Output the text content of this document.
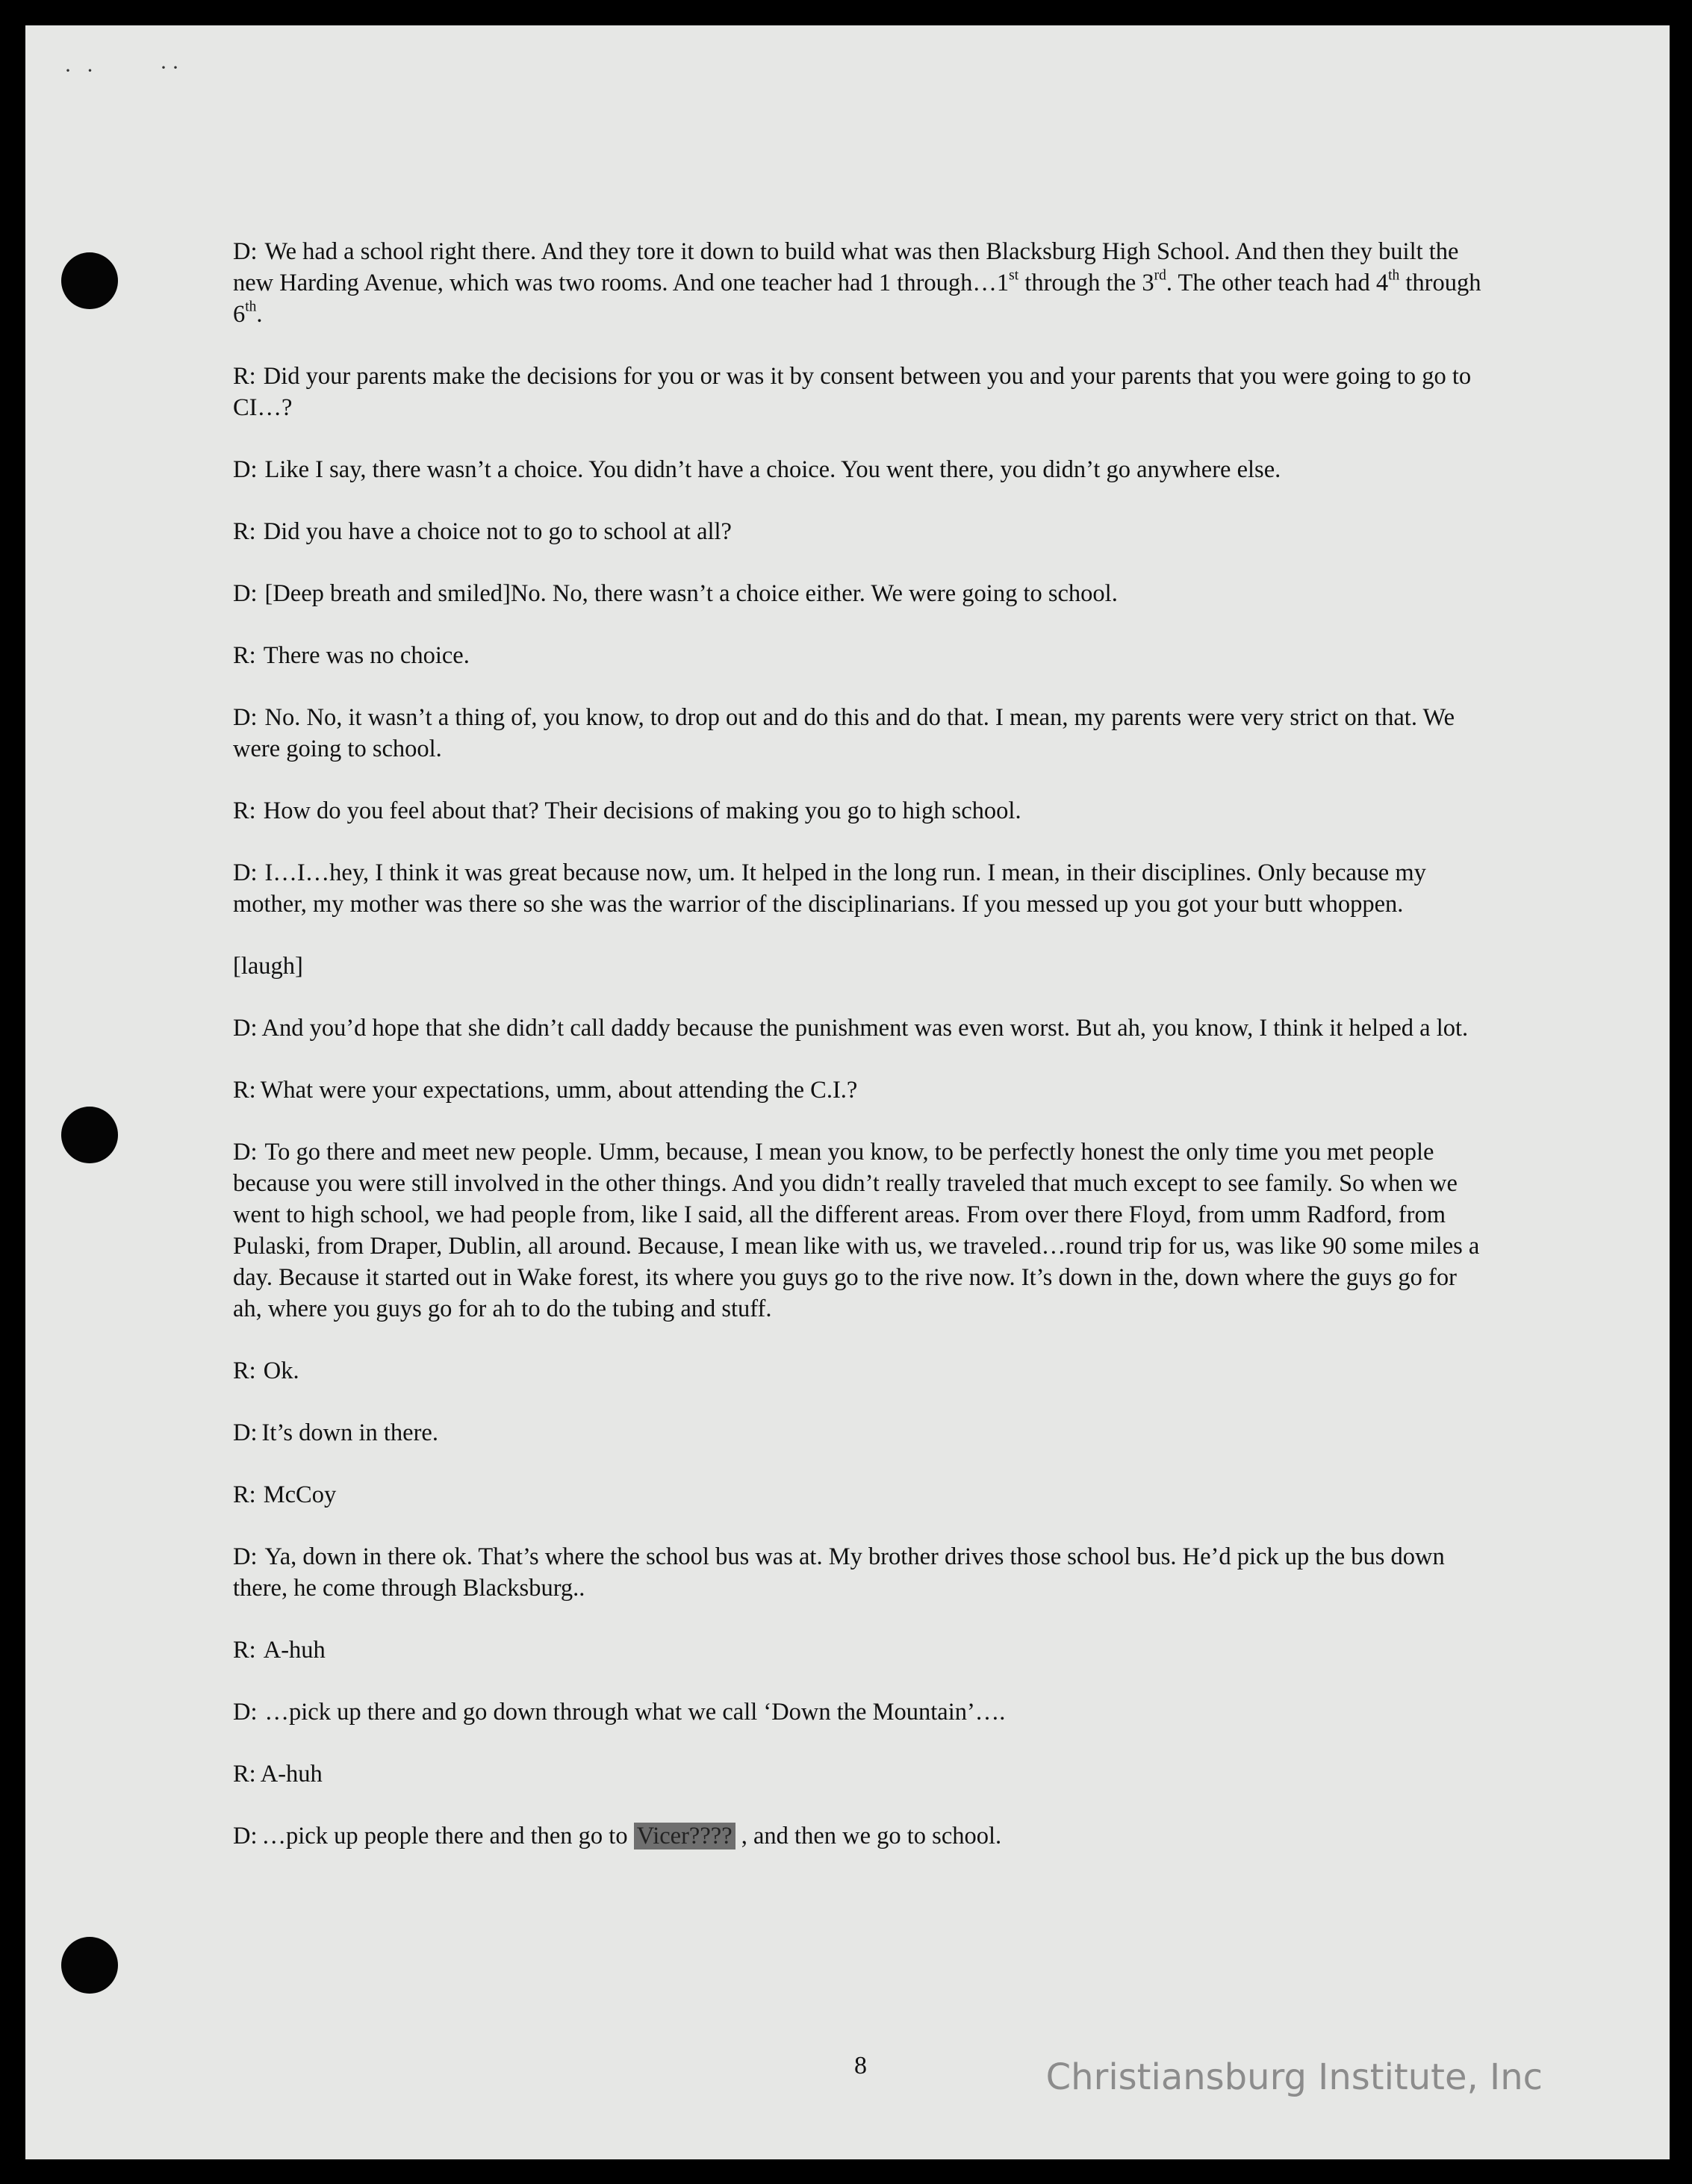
· ·	··

D: We had a school right there. And they tore it down to build what was then Blacksburg High School. And then they built the new Harding Avenue, which was two rooms. And one teacher had 1 through…1st through the 3rd. The other teach had 4th through 6th.

R: Did your parents make the decisions for you or was it by consent between you and your parents that you were going to go to CI…?

D: Like I say, there wasn’t a choice. You didn’t have a choice. You went there, you didn’t go anywhere else.

R: Did you have a choice not to go to school at all?

D: [Deep breath and smiled]No. No, there wasn’t a choice either. We were going to school.

R: There was no choice.

D: No. No, it wasn’t a thing of, you know, to drop out and do this and do that. I mean, my parents were very strict on that. We were going to school.

R: How do you feel about that? Their decisions of making you go to high school.

D: I…I…hey, I think it was great because now, um. It helped in the long run. I mean, in their disciplines. Only because my mother, my mother was there so she was the warrior of the disciplinarians. If you messed up you got your butt whoppen.

[laugh]

D: And you’d hope that she didn’t call daddy because the punishment was even worst. But ah, you know, I think it helped a lot.

R: What were your expectations, umm, about attending the C.I.?

D: To go there and meet new people. Umm, because, I mean you know, to be perfectly honest the only time you met people because you were still involved in the other things. And you didn’t really traveled that much except to see family. So when we went to high school, we had people from, like I said, all the different areas. From over there Floyd, from umm Radford, from Pulaski, from Draper, Dublin, all around. Because, I mean like with us, we traveled…round trip for us, was like 90 some miles a day. Because it started out in Wake forest, its where you guys go to the rive now. It’s down in the, down where the guys go for ah, where you guys go for ah to do the tubing and stuff.

R: Ok.

D: It’s down in there.

R: McCoy

D: Ya, down in there ok. That’s where the school bus was at. My brother drives those school bus. He’d pick up the bus down there, he come through Blacksburg..

R: A-huh

D: …pick up there and go down through what we call ‘Down the Mountain’….

R: A-huh

D: …pick up people there and then go to Vicer???? , and then we go to school.

8	Christiansburg Institute, Inc
